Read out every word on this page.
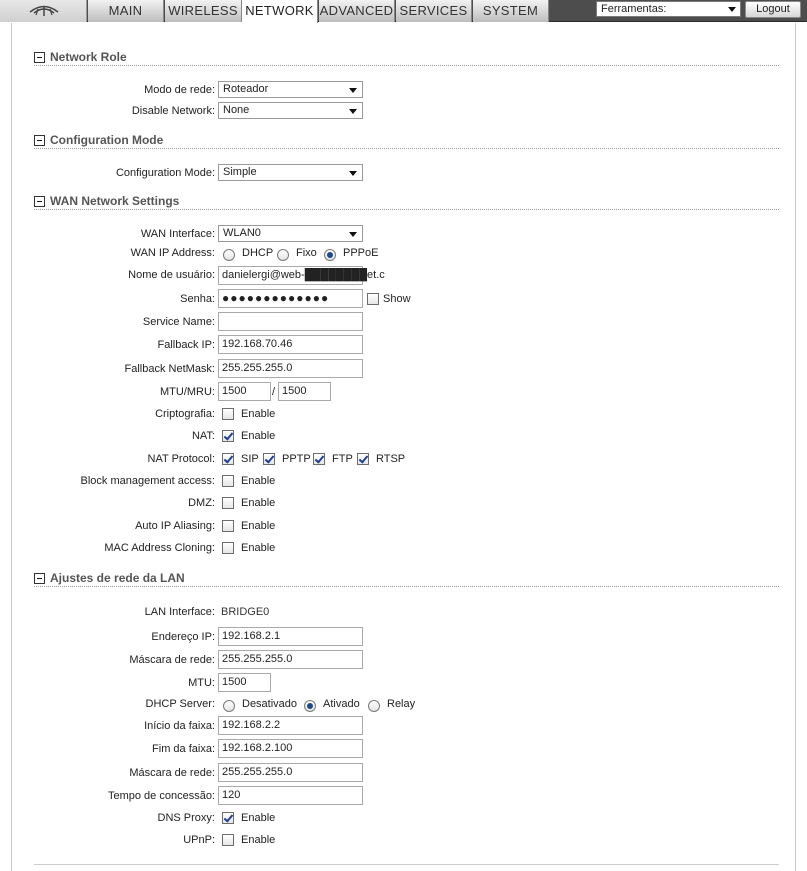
MAIN	WIRELESS NETWORK ADVANCED SERVICES	SYSTEM	Ferramentas:	Logout
Network Role
Modo de rede: Roteador
Disable Network: None
Configuration Mode
Configuration Mode: Simple
WAN Network Settings
WAN Interface: WLAN0
WAN IP Address: DHCP Fixo PPPoE
Nome de usuário: danielergi@web-████████et.c
Senha: ●●●●●●●●●●●●●	Show
Service Name:
Fallback IP: 192.168.70.46
Fallback NetMask: 255.255.255.0
MTU/MRU: 1500	/ 1500
Criptografia: Enable
NAT: Enable
NAT Protocol: SIP PPTP FTP RTSP
Block management access: Enable
DMZ: Enable
Auto IP Aliasing: Enable
MAC Address Cloning: Enable
Ajustes de rede da LAN
LAN Interface: BRIDGE0
Endereço IP: 192.168.2.1
Máscara de rede: 255.255.255.0
MTU: 1500
DHCP Server: Desativado Ativado Relay
Início da faixa: 192.168.2.2
Fim da faixa: 192.168.2.100
Máscara de rede: 255.255.255.0
Tempo de concessão: 120
DNS Proxy: Enable
UPnP: Enable
